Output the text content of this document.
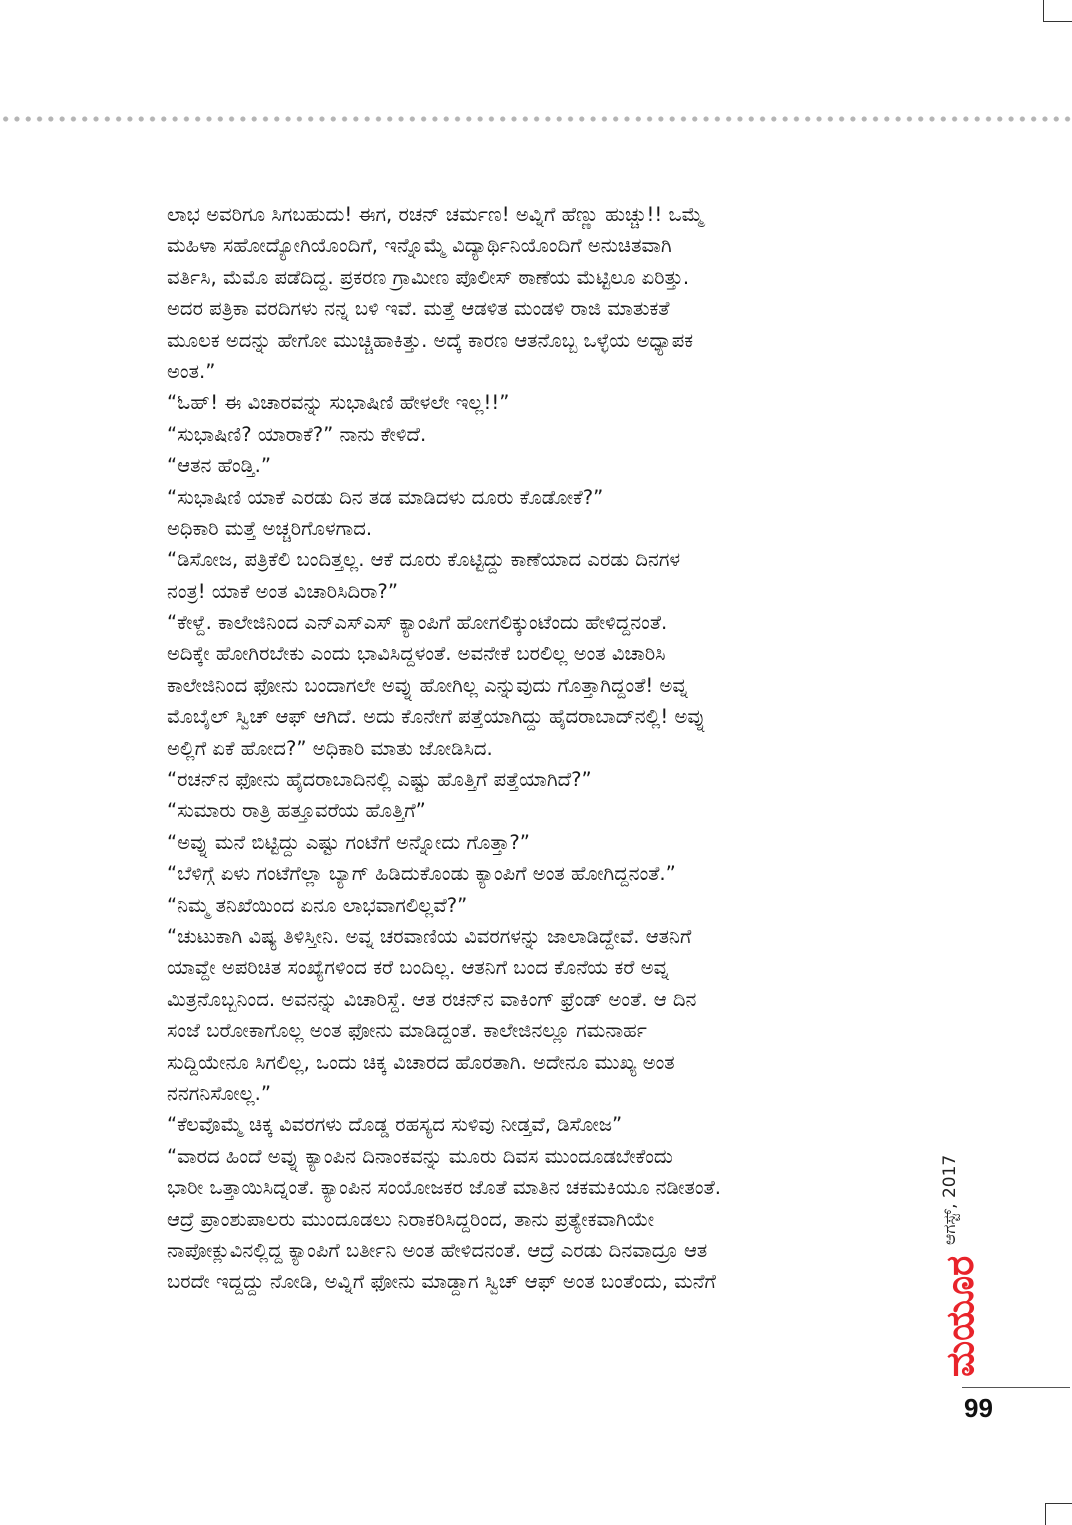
ಲಾಭ ಅವರಿಗೂ ಸಿಗಬಹುದು! ಈಗ, ರಚನ್ ಚರ್ಮಣ! ಅವ್ನಿಗೆ ಹೆಣ್ಣು ಹುಚ್ಚು!! ಒಮ್ಮೆ
ಮಹಿಳಾ ಸಹೋದ್ಯೋಗಿಯೊಂದಿಗೆ, ಇನ್ನೊಮ್ಮೆ ವಿದ್ಯಾರ್ಥಿನಿಯೊಂದಿಗೆ ಅನುಚಿತವಾಗಿ
ವರ್ತಿಸಿ, ಮೆಮೊ ಪಡೆದಿದ್ದ. ಪ್ರಕರಣ ಗ್ರಾಮೀಣ ಪೊಲೀಸ್ ಠಾಣೆಯ ಮೆಟ್ಟಿಲೂ ಏರಿತ್ತು.
ಅದರ ಪತ್ರಿಕಾ ವರದಿಗಳು ನನ್ನ ಬಳಿ ಇವೆ. ಮತ್ತೆ ಆಡಳಿತ ಮಂಡಳಿ ರಾಜಿ ಮಾತುಕತೆ
ಮೂಲಕ ಅದನ್ನು ಹೇಗೋ ಮುಚ್ಚಿಹಾಕಿತ್ತು. ಅದ್ಕೆ ಕಾರಣ ಆತನೊಬ್ಬ ಒಳ್ಳೆಯ ಅಧ್ಯಾಪಕ
ಅಂತ.”
“ಓಹ್! ಈ ವಿಚಾರವನ್ನು ಸುಭಾಷಿಣಿ ಹೇಳಲೇ ಇಲ್ಲ!!”
“ಸುಭಾಷಿಣಿ? ಯಾರಾಕೆ?” ನಾನು ಕೇಳಿದೆ.
“ಆತನ ಹೆಂಡ್ತಿ.”
“ಸುಭಾಷಿಣಿ ಯಾಕೆ ಎರಡು ದಿನ ತಡ ಮಾಡಿದಳು ದೂರು ಕೊಡೋಕೆ?”
ಅಧಿಕಾರಿ ಮತ್ತೆ ಅಚ್ಚರಿಗೊಳಗಾದ.
“ಡಿಸೋಜ, ಪತ್ರಿಕೆಲಿ ಬಂದಿತ್ತಲ್ಲ. ಆಕೆ ದೂರು ಕೊಟ್ಟಿದ್ದು ಕಾಣೆಯಾದ ಎರಡು ದಿನಗಳ
ನಂತ್ರ! ಯಾಕೆ ಅಂತ ವಿಚಾರಿಸಿದಿರಾ?”
“ಕೇಳ್ದೆ. ಕಾಲೇಜಿನಿಂದ ಎನ್‌ಎಸ್‌ಎಸ್ ಕ್ಯಾಂಪಿಗೆ ಹೋಗಲಿಕ್ಕುಂಟೆಂದು ಹೇಳಿದ್ದನಂತೆ.
ಅದಿಕ್ಕೇ ಹೋಗಿರಬೇಕು ಎಂದು ಭಾವಿಸಿದ್ದಳಂತೆ. ಅವನೇಕೆ ಬರಲಿಲ್ಲ ಅಂತ ವಿಚಾರಿಸಿ
ಕಾಲೇಜಿನಿಂದ ಫೋನು ಬಂದಾಗಲೇ ಅವ್ನು ಹೋಗಿಲ್ಲ ಎನ್ನುವುದು ಗೊತ್ತಾಗಿದ್ದಂತೆ! ಅವ್ನ
ಮೊಬೈಲ್ ಸ್ವಿಚ್ ಆಫ್ ಆಗಿದೆ. ಅದು ಕೊನೇಗೆ ಪತ್ತೆಯಾಗಿದ್ದು ಹೈದರಾಬಾದ್‌ನಲ್ಲಿ! ಅವ್ನು
ಅಲ್ಲಿಗೆ ಏಕೆ ಹೋದ?” ಅಧಿಕಾರಿ ಮಾತು ಜೋಡಿಸಿದ.
“ರಚನ್‌ನ ಫೋನು ಹೈದರಾಬಾದಿನಲ್ಲಿ ಎಷ್ಟು ಹೊತ್ತಿಗೆ ಪತ್ತೆಯಾಗಿದೆ?”
“ಸುಮಾರು ರಾತ್ರಿ ಹತ್ತೂವರೆಯ ಹೊತ್ತಿಗೆ”
“ಅವ್ನು ಮನೆ ಬಿಟ್ಟಿದ್ದು ಎಷ್ಟು ಗಂಟೆಗೆ ಅನ್ನೋದು ಗೊತ್ತಾ?”
“ಬೆಳಿಗ್ಗೆ ಏಳು ಗಂಟೆಗೆಲ್ಲಾ ಬ್ಯಾಗ್ ಹಿಡಿದುಕೊಂಡು ಕ್ಯಾಂಪಿಗೆ ಅಂತ ಹೋಗಿದ್ದನಂತೆ.”
“ನಿಮ್ಮ ತನಿಖೆಯಿಂದ ಏನೂ ಲಾಭವಾಗಲಿಲ್ಲವೆ?”
“ಚುಟುಕಾಗಿ ವಿಷ್ಯ ತಿಳಿಸ್ತೀನಿ. ಅವ್ನ ಚರವಾಣಿಯ ವಿವರಗಳನ್ನು ಜಾಲಾಡಿದ್ದೇವೆ. ಆತನಿಗೆ
ಯಾವ್ದೇ ಅಪರಿಚಿತ ಸಂಖ್ಯೆಗಳಿಂದ ಕರೆ ಬಂದಿಲ್ಲ. ಆತನಿಗೆ ಬಂದ ಕೊನೆಯ ಕರೆ ಅವ್ನ
ಮಿತ್ರನೊಬ್ಬನಿಂದ. ಅವನನ್ನು ವಿಚಾರಿಸ್ದೆ. ಆತ ರಚನ್‌ನ ವಾಕಿಂಗ್ ಫ್ರೆಂಡ್ ಅಂತೆ. ಆ ದಿನ
ಸಂಜೆ ಬರೋಕಾಗೊಲ್ಲ ಅಂತ ಫೋನು ಮಾಡಿದ್ದಂತೆ. ಕಾಲೇಜಿನಲ್ಲೂ ಗಮನಾರ್ಹ
ಸುದ್ದಿಯೇನೂ ಸಿಗಲಿಲ್ಲ, ಒಂದು ಚಿಕ್ಕ ವಿಚಾರದ ಹೊರತಾಗಿ. ಅದೇನೂ ಮುಖ್ಯ ಅಂತ
ನನಗನಿಸೋಲ್ಲ.”
“ಕೆಲವೊಮ್ಮೆ ಚಿಕ್ಕ ವಿವರಗಳು ದೊಡ್ಡ ರಹಸ್ಯದ ಸುಳಿವು ನೀಡ್ತವೆ, ಡಿಸೋಜ”
“ವಾರದ ಹಿಂದೆ ಅವ್ನು ಕ್ಯಾಂಪಿನ ದಿನಾಂಕವನ್ನು ಮೂರು ದಿವಸ ಮುಂದೂಡಬೇಕೆಂದು
ಭಾರೀ ಒತ್ತಾಯಿಸಿದ್ನಂತೆ. ಕ್ಯಾಂಪಿನ ಸಂಯೋಜಕರ ಜೊತೆ ಮಾತಿನ ಚಕಮಕಿಯೂ ನಡೀತಂತೆ.
ಆದ್ರೆ ಪ್ರಾಂಶುಪಾಲರು ಮುಂದೂಡಲು ನಿರಾಕರಿಸಿದ್ದರಿಂದ, ತಾನು ಪ್ರತ್ಯೇಕವಾಗಿಯೇ
ನಾಪೋಕ್ಲುವಿನಲ್ಲಿದ್ದ ಕ್ಯಾಂಪಿಗೆ ಬರ್ತೀನಿ ಅಂತ ಹೇಳಿದನಂತೆ. ಆದ್ರೆ ಎರಡು ದಿನವಾದ್ರೂ ಆತ
ಬರದೇ ಇದ್ದದ್ದು ನೋಡಿ, ಅವ್ನಿಗೆ ಫೋನು ಮಾಡ್ದಾಗ ಸ್ವಿಚ್ ಆಫ್ ಅಂತ ಬಂತೆಂದು, ಮನೆಗೆ
ಆಗಸ್ಟ್, 2017
ಮಯೂರ
99
